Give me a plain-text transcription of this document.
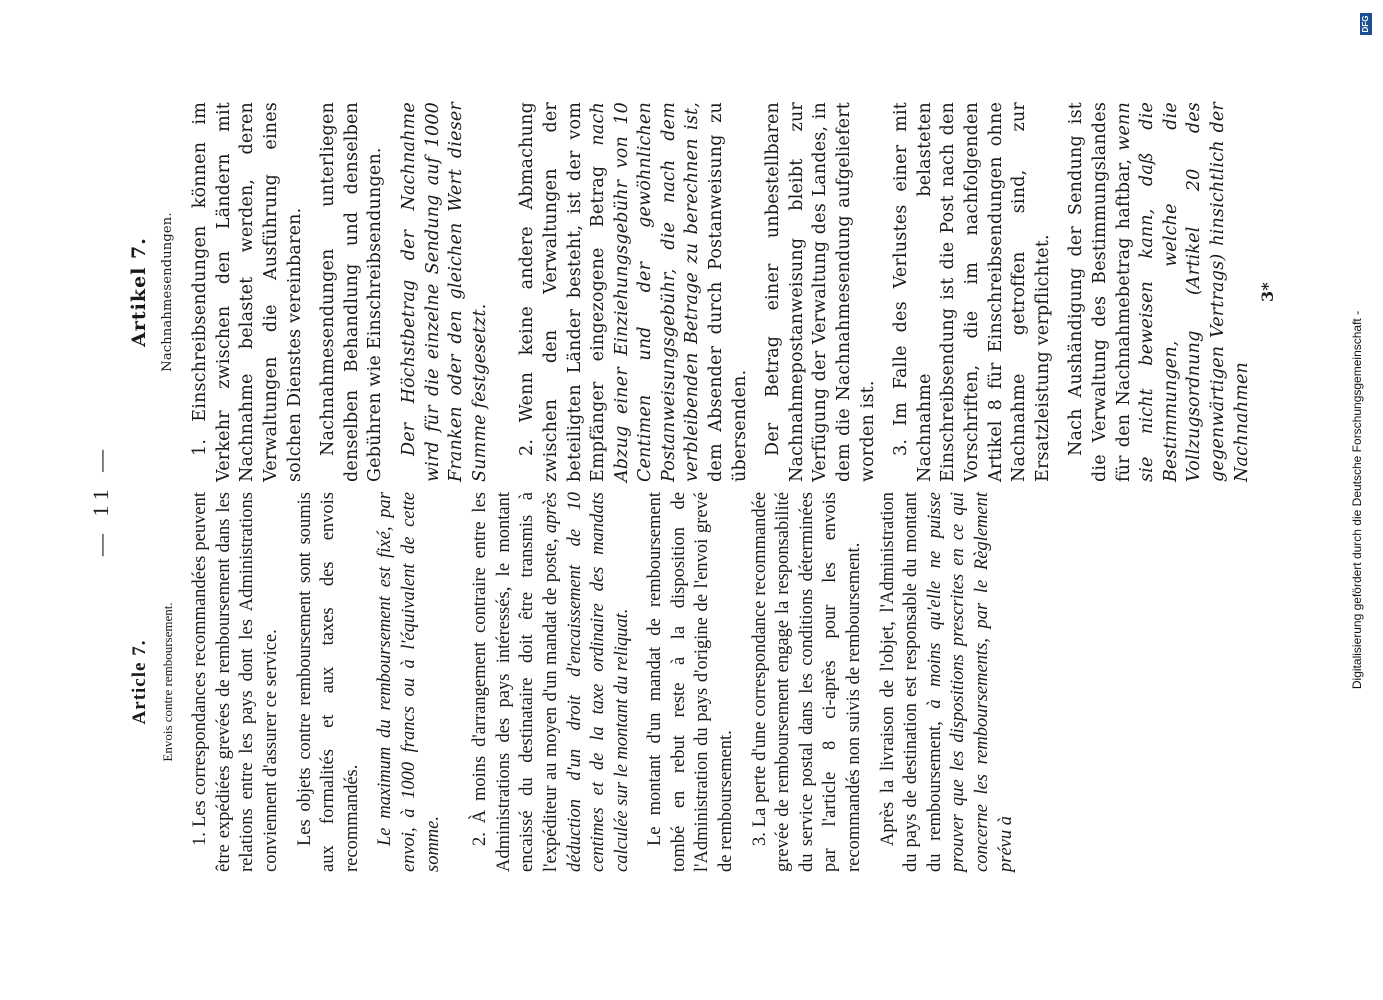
— 11 —
Article 7. Envois contre remboursement. 1. Les correspondances recommandées peuvent être expédiées grevées de remboursement dans les relations entre les pays dont les Administrations conviennent d'assurer ce service. Les objets contre remboursement sont soumis aux formalités et aux taxes des envois recommandés. Le maximum du remboursement est fixé, par envoi, à 1000 francs ou à l'équivalent de cette somme. 2. À moins d'arrangement contraire entre les Administrations des pays intéressés, le montant encaissé du destinataire doit être transmis à l'expéditeur au moyen d'un mandat de poste, après déduction d'un droit d'encaissement de 10 centimes et de la taxe ordinaire des mandats calculée sur le montant du reliquat. Le montant d'un mandat de remboursement tombé en rebut reste à la disposition de l'Administration du pays d'origine de l'envoi grevé de remboursement. 3. La perte d'une correspondance recommandée grevée de remboursement engage la responsabilité du service postal dans les conditions déterminées par l'article 8 ci-après pour les envois recommandés non suivis de remboursement. Après la livraison de l'objet, l'Administration du pays de destination est responsable du montant du remboursement, à moins qu'elle ne puisse prouver que les dispositions prescrites en ce qui concerne les remboursements, par le Règlement prévu à

Artikel 7. Nachnahmesendungen. 1. Einschreibsendungen können im Verkehr zwischen den Ländern mit Nachnahme belastet werden, deren Verwaltungen die Ausführung eines solchen Dienstes vereinbaren. Nachnahmesendungen unterliegen denselben Behandlung und denselben Gebühren wie Einschreibsendungen. Der Höchstbetrag der Nachnahme wird für die einzelne Sendung auf 1000 Franken oder den gleichen Wert dieser Summe festgesetzt. 2. Wenn keine andere Abmachung zwischen den Verwaltungen der beteiligten Länder besteht, ist der vom Empfänger eingezogene Betrag nach Abzug einer Einziehungsgebühr von 10 Centimen und der gewöhnlichen Postanweisungsgebühr, die nach dem verbleibenden Betrage zu berechnen ist, dem Absender durch Postanweisung zu übersenden. Der Betrag einer unbestellbaren Nachnahmepostanweisung bleibt zur Verfügung der Verwaltung des Landes, in dem die Nachnahmesendung aufgeliefert worden ist. 3. Im Falle des Verlustes einer mit Nachnahme belasteten Einschreibsendung ist die Post nach den Vorschriften, die im nachfolgenden Artikel 8 für Einschreibsendungen ohne Nachnahme getroffen sind, zur Ersatzleistung verpflichtet. Nach Aushändigung der Sendung ist die Verwaltung des Bestimmungslandes für den Nachnahmebetrag haftbar, wenn sie nicht beweisen kann, daß die Bestimmungen, welche die Vollzugsordnung (Artikel 20 des gegenwärtigen Vertrags) hinsichtlich der Nachnahmen

3*

Digitalisierung gefördert durch die Deutsche Forschungsgemeinschaft -
DFG
